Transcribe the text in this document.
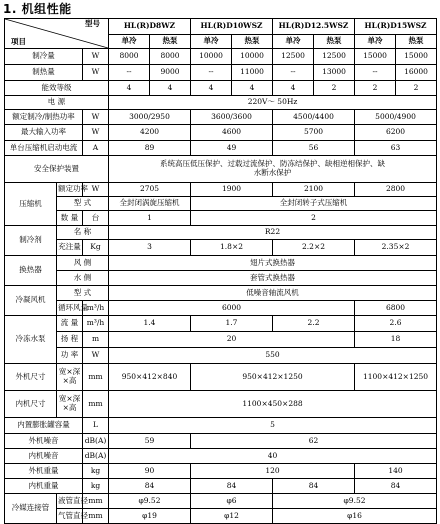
1. 机组性能
型号
项目			HL(R)D8WZ		HL(R)D10WSZ		HL(R)D12.5WSZ		HL(R)D15WSZ	
			单冷	热泵	单冷	热泵	单冷	热泵	单冷	热泵
制冷量		W	8000	8000	10000	10000	12500	12500	15000	15000
制热量		W	--	9000	--	11000	--	13000	--	16000
能效等级			4	4	4	4	4	2	2	2
电 源			220V～ 50Hz							
额定制冷/制热功率		W	3000/2950		3600/3600		4500/4400		5000/4900	
最大输入功率		W	4200		4600		5700		6200	
单台压缩机启动电流		A	89		49		56		63	
安全保护装置			系统高压低压保护、过载过流保护、防冻结保护、缺相逆相保护、缺水断水保护							
压缩机	额定功率	W	2705		1900		2100		2800	
	型 式		全封闭涡旋压缩机		全封闭转子式压缩机					
	数 量	台	1		2					
制冷剂	名 称		R22							
	充注量	Kg	3		1.8×2		2.2×2		2.35×2	
换热器	风 侧		翅片式换热器							
	水 侧		套管式换热器							
冷凝风机	型 式		低噪音轴流风机							
	循环风量	m³/h	6000						6800	
冷冻水泵	流 量	m³/h	1.4		1.7		2.2		2.6	
	扬 程	m	20						18	
	功 率	W	550							
外机尺寸	宽×深×高	mm	950×412×840		950×412×1250				1100×412×1250	
内机尺寸	宽×深×高	mm	1100×450×288							
内置膨胀罐容量		L	5							
外机噪音		dB(A)	59		62					
内机噪音		dB(A)	40							
外机重量		kg	90		120				140	
内机重量		kg	84		84		84		84	
冷媒连接管	液管直径	mm	φ9.52		φ6		φ9.52			
	气管直径	mm	φ19		φ12		φ16			
